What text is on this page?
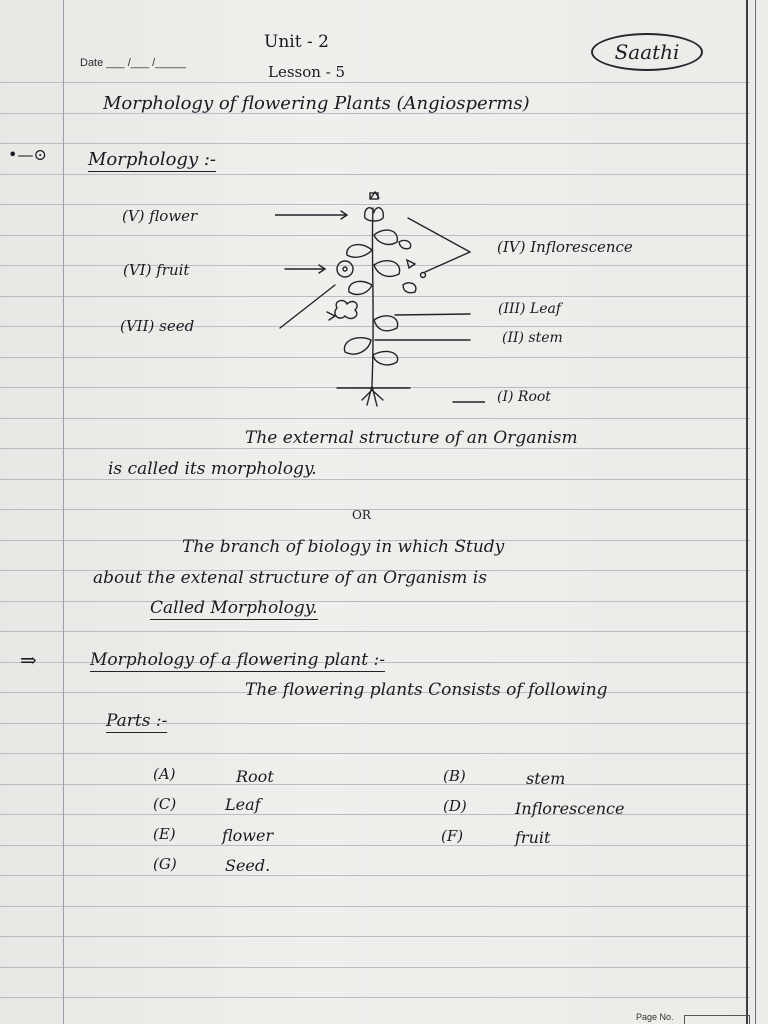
Unit - 2
Date ___ /___ /_____	Lesson - 5
Saathi
Morphology of flowering Plants (Angiosperms)
•—⊙ Morphology :-
(V) flower
(VI) fruit
(VII) seed
(IV) Inflorescence
(III) Leaf
(II) stem
(I) Root
The external structure of an Organism
is called its morphology.
OR
The branch of biology in which Study
about the extenal structure of an Organism is
Called Morphology.
⇒	Morphology of a flowering plant :-
The flowering plants Consists of following
Parts :-
(A)	Root	(B)	stem
(C)	Leaf	(D)	Inflorescence
(E)	flower	(F)	fruit
(G)	Seed.
Page No.
